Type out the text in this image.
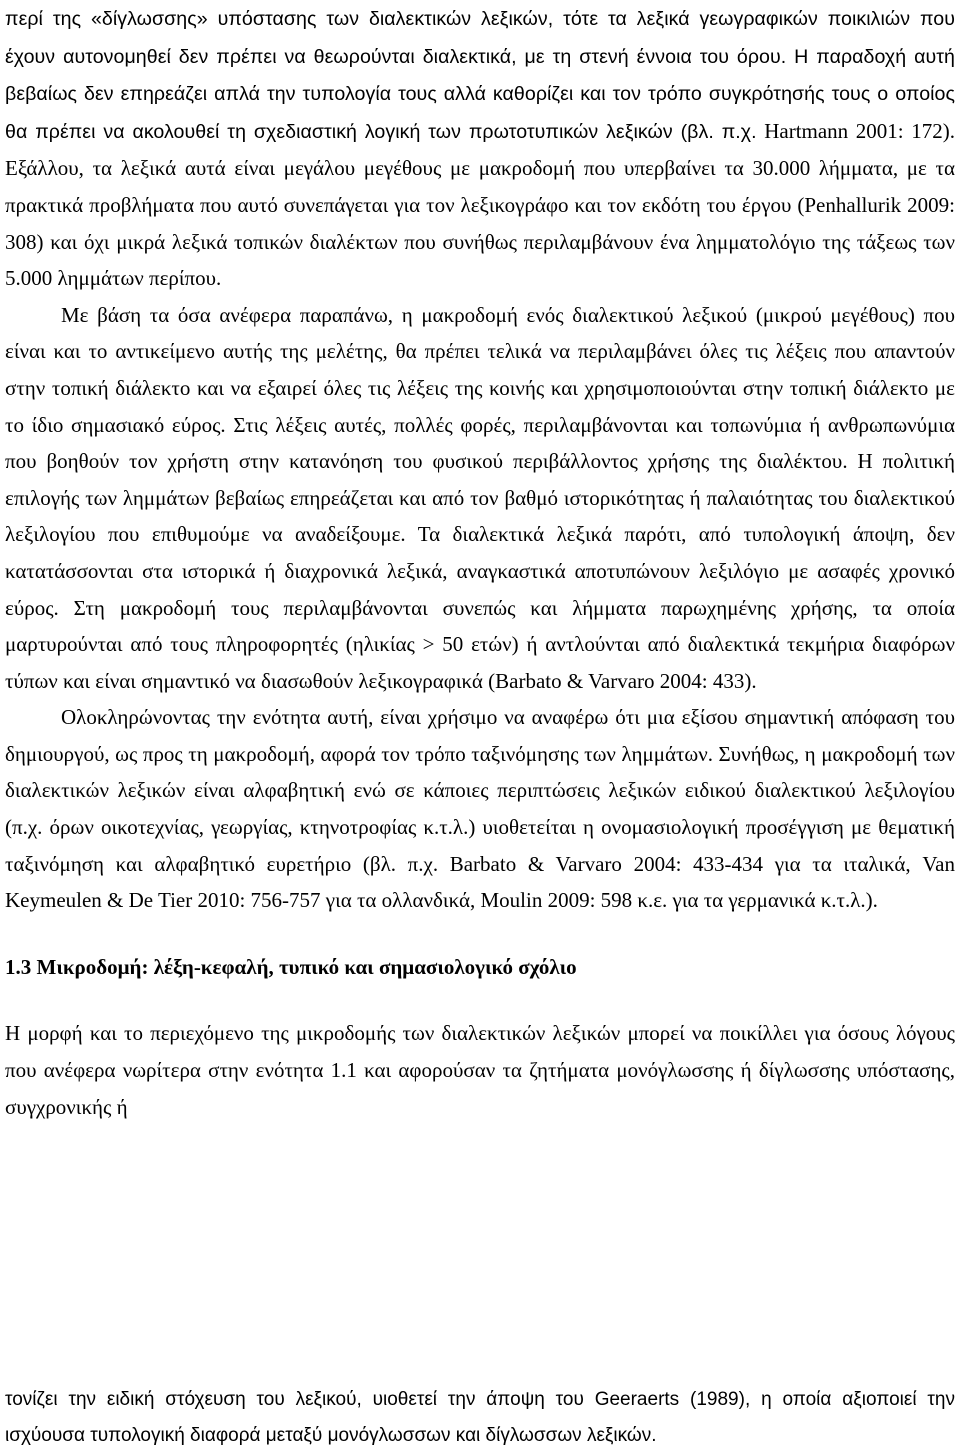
περί της «δίγλωσσης» υπόστασης των διαλεκτικών λεξικών, τότε τα λεξικά γεωγραφικών ποικιλιών που έχουν αυτονομηθεί δεν πρέπει να θεωρούνται διαλεκτικά, με τη στενή έννοια του όρου. Η παραδοχή αυτή βεβαίως δεν επηρεάζει απλά την τυπολογία τους αλλά καθορίζει και τον τρόπο συγκρότησής τους ο οποίος θα πρέπει να ακολουθεί τη σχεδιαστική λογική των πρωτοτυπικών λεξικών (βλ. π.χ. Hartmann 2001: 172). Εξάλλου, τα λεξικά αυτά είναι μεγάλου μεγέθους με μακροδομή που υπερβαίνει τα 30.000 λήμματα, με τα πρακτικά προβλήματα που αυτό συνεπάγεται για τον λεξικογράφο και τον εκδότη του έργου (Penhallurik 2009: 308) και όχι μικρά λεξικά τοπικών διαλέκτων που συνήθως περιλαμβάνουν ένα λημματολόγιο της τάξεως των 5.000 λημμάτων περίπου.

Με βάση τα όσα ανέφερα παραπάνω, η μακροδομή ενός διαλεκτικού λεξικού (μικρού μεγέθους) που είναι και το αντικείμενο αυτής της μελέτης, θα πρέπει τελικά να περιλαμβάνει όλες τις λέξεις που απαντούν στην τοπική διάλεκτο και να εξαιρεί όλες τις λέξεις της κοινής και χρησιμοποιούνται στην τοπική διάλεκτο με το ίδιο σημασιακό εύρος. Στις λέξεις αυτές, πολλές φορές, περιλαμβάνονται και τοπωνύμια ή ανθρωπωνύμια που βοηθούν τον χρήστη στην κατανόηση του φυσικού περιβάλλοντος χρήσης της διαλέκτου. Η πολιτική επιλογής των λημμάτων βεβαίως επηρεάζεται και από τον βαθμό ιστορικότητας ή παλαιότητας του διαλεκτικού λεξιλογίου που επιθυμούμε να αναδείξουμε. Τα διαλεκτικά λεξικά παρότι, από τυπολογική άποψη, δεν κατατάσσονται στα ιστορικά ή διαχρονικά λεξικά, αναγκαστικά αποτυπώνουν λεξιλόγιο με ασαφές χρονικό εύρος. Στη μακροδομή τους περιλαμβάνονται συνεπώς και λήμματα παρωχημένης χρήσης, τα οποία μαρτυρούνται από τους πληροφορητές (ηλικίας > 50 ετών) ή αντλούνται από διαλεκτικά τεκμήρια διαφόρων τύπων και είναι σημαντικό να διασωθούν λεξικογραφικά (Barbato & Varvaro 2004: 433).

Ολοκληρώνοντας την ενότητα αυτή, είναι χρήσιμο να αναφέρω ότι μια εξίσου σημαντική απόφαση του δημιουργού, ως προς τη μακροδομή, αφορά τον τρόπο ταξινόμησης των λημμάτων. Συνήθως, η μακροδομή των διαλεκτικών λεξικών είναι αλφαβητική ενώ σε κάποιες περιπτώσεις λεξικών ειδικού διαλεκτικού λεξιλογίου (π.χ. όρων οικοτεχνίας, γεωργίας, κτηνοτροφίας κ.τ.λ.) υιοθετείται η ονομασιολογική προσέγγιση με θεματική ταξινόμηση και αλφαβητικό ευρετήριο (βλ. π.χ. Barbato & Varvaro 2004: 433-434 για τα ιταλικά, Van Keymeulen & De Tier 2010: 756-757 για τα ολλανδικά, Moulin 2009: 598 κ.ε. για τα γερμανικά κ.τ.λ.).

1.3 Μικροδομή: λέξη-κεφαλή, τυπικό και σημασιολογικό σχόλιο

Η μορφή και το περιεχόμενο της μικροδομής των διαλεκτικών λεξικών μπορεί να ποικίλλει για όσους λόγους που ανέφερα νωρίτερα στην ενότητα 1.1 και αφορούσαν τα ζητήματα μονόγλωσσης ή δίγλωσσης υπόστασης, συγχρονικής ή

τονίζει την ειδική στόχευση του λεξικού, υιοθετεί την άποψη του Geeraerts (1989), η οποία αξιοποιεί την ισχύουσα τυπολογική διαφορά μεταξύ μονόγλωσσων και δίγλωσσων λεξικών.
